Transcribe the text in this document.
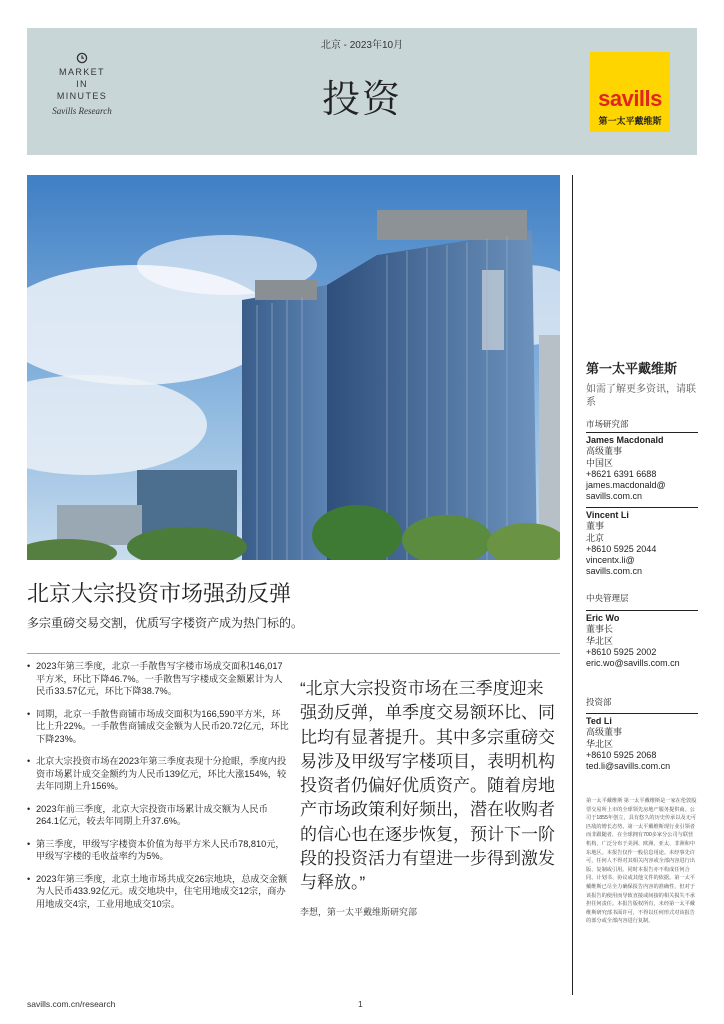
MARKET
IN
MINUTES
Savills Research
北京 - 2023年10月
投资	savills
第一太平戴维斯
北京大宗投资市场强劲反弹
多宗重磅交易交割，优质写字楼资产成为热门标的。
• 2023年第三季度，北京一手散售写字楼市场成交面积146,017平方米，环比下降46.7%。一手散售写字楼成交金额累计为人民币33.57亿元，环比下降38.7%。
• 同期，北京一手散售商铺市场成交面积为166,590平方米，环比上升22%。一手散售商铺成交金额为人民币20.72亿元，环比下降23%。
• 北京大宗投资市场在2023年第三季度表现十分抢眼，季度内投资市场累计成交金额约为人民币139亿元，环比大涨154%，较去年同期上升156%。
• 2023年前三季度，北京大宗投资市场累计成交额为人民币264.1亿元，较去年同期上升37.6%。
• 第三季度，甲级写字楼资本价值为每平方米人民币78,810元，甲级写字楼的毛收益率约为5%。
• 2023年第三季度，北京土地市场共成交26宗地块，总成交金额为人民币433.92亿元。成交地块中，住宅用地成交12宗，商办用地成交4宗，工业用地成交10宗。
“北京大宗投资市场在三季度迎来强劲反弹，单季度交易额环比、同比均有显著提升。其中多宗重磅交易涉及甲级写字楼项目，表明机构投资者仍偏好优质资产。随着房地产市场政策利好频出，潜在收购者的信心也在逐步恢复，预计下一阶段的投资活力有望进一步得到激发与释放。”
李想，第一太平戴维斯研究部
第一太平戴维斯
如需了解更多资讯，请联系
市场研究部
James Macdonald
高级董事
中国区
+8621 6391 6688
james.macdonald@
savills.com.cn
Vincent Li
董事
北京
+8610 5925 2044
vincentx.li@
savills.com.cn
中央管理层
Eric Wo
董事长
华北区
+8610 5925 2002
eric.wo@savills.com.cn
投资部
Ted Li
高级董事
华北区
+8610 5925 2068
ted.li@savills.com.cn
第一太平戴维斯 第一太平戴维斯是一家在伦敦股票交易所上市的全球领先房地产服务提供商。公司于1855年创立，具有悠久的历史传承以及无可匹敌的增长态势。第一太平戴维斯现行业引领者而非跟随者，在全球拥有700多家分公司与联营机构，广泛分布于美洲、欧洲、亚太、非洲和中东地区。本报告仅作一般信息用途。未经事先许可，任何人不得对其相关内容或全部内容进行出版、复制或引用。同时本报告亦不构成任何合同、计划书、协议或其他文件的依据。第一太平戴维斯已尽全力确保报告内容的准确性，但对于该报告的使用而导致直接或间接的相关损失不承担任何责任。本报告版权所有，未经第一太平戴维斯研究部书面许可，不得以任何形式对该报告的部分或全部内容进行复制。
savills.com.cn/research	1
